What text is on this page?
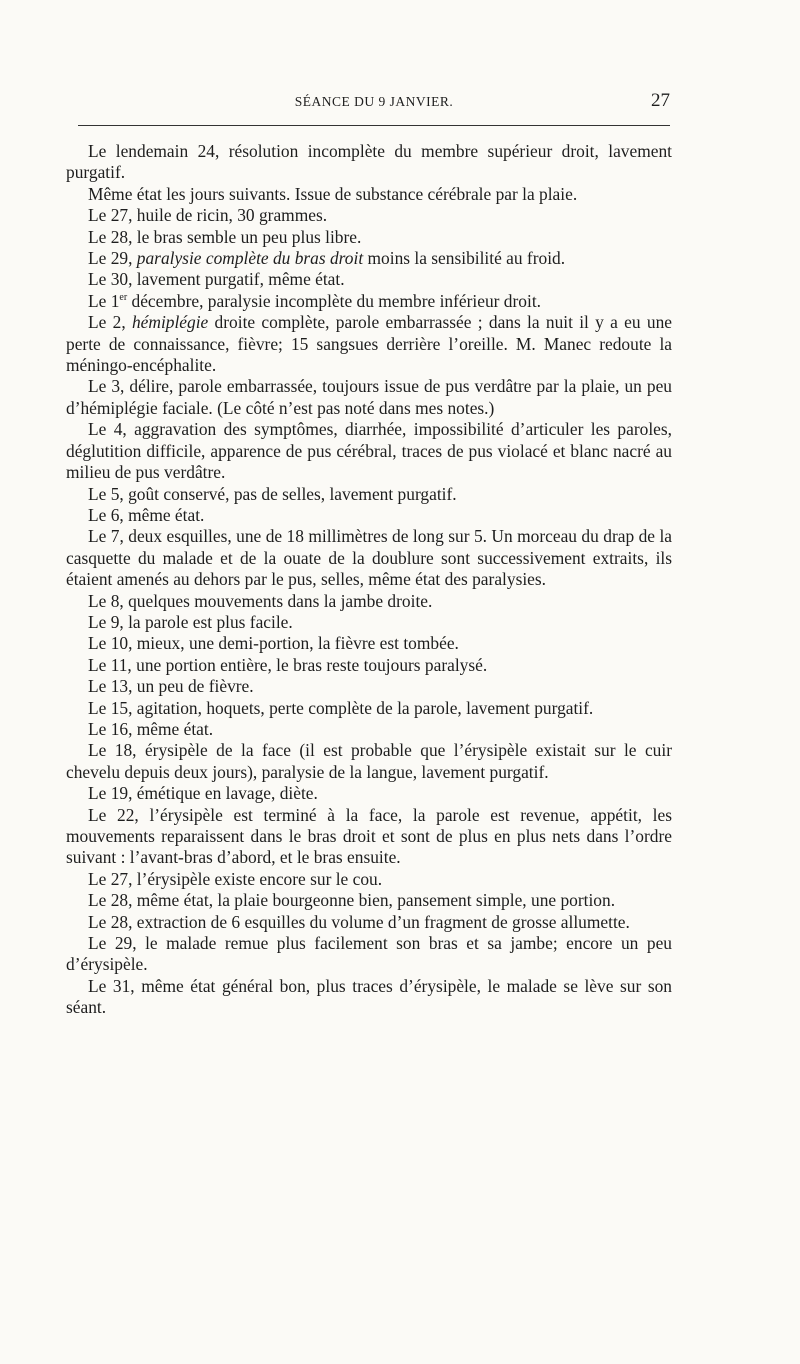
SÉANCE DU 9 JANVIER.	27

Le lendemain 24, résolution incomplète du membre supérieur droit, lavement purgatif.

Même état les jours suivants. Issue de substance cérébrale par la plaie.

Le 27, huile de ricin, 30 grammes.

Le 28, le bras semble un peu plus libre.

Le 29, paralysie complète du bras droit moins la sensibilité au froid.

Le 30, lavement purgatif, même état.

Le 1er décembre, paralysie incomplète du membre inférieur droit.

Le 2, hémiplégie droite complète, parole embarrassée ; dans la nuit il y a eu une perte de connaissance, fièvre; 15 sangsues derrière l’oreille. M. Manec redoute la méningo-encéphalite.

Le 3, délire, parole embarrassée, toujours issue de pus verdâtre par la plaie, un peu d’hémiplégie faciale. (Le côté n’est pas noté dans mes notes.)

Le 4, aggravation des symptômes, diarrhée, impossibilité d’articuler les paroles, déglutition difficile, apparence de pus cérébral, traces de pus violacé et blanc nacré au milieu de pus verdâtre.

Le 5, goût conservé, pas de selles, lavement purgatif.

Le 6, même état.

Le 7, deux esquilles, une de 18 millimètres de long sur 5. Un morceau du drap de la casquette du malade et de la ouate de la doublure sont successivement extraits, ils étaient amenés au dehors par le pus, selles, même état des paralysies.

Le 8, quelques mouvements dans la jambe droite.

Le 9, la parole est plus facile.

Le 10, mieux, une demi-portion, la fièvre est tombée.

Le 11, une portion entière, le bras reste toujours paralysé.

Le 13, un peu de fièvre.

Le 15, agitation, hoquets, perte complète de la parole, lavement purgatif.

Le 16, même état.

Le 18, érysipèle de la face (il est probable que l’érysipèle existait sur le cuir chevelu depuis deux jours), paralysie de la langue, lavement purgatif.

Le 19, émétique en lavage, diète.

Le 22, l’érysipèle est terminé à la face, la parole est revenue, appétit, les mouvements reparaissent dans le bras droit et sont de plus en plus nets dans l’ordre suivant : l’avant-bras d’abord, et le bras ensuite.

Le 27, l’érysipèle existe encore sur le cou.

Le 28, même état, la plaie bourgeonne bien, pansement simple, une portion.

Le 28, extraction de 6 esquilles du volume d’un fragment de grosse allumette.

Le 29, le malade remue plus facilement son bras et sa jambe; encore un peu d’érysipèle.

Le 31, même état général bon, plus traces d’érysipèle, le malade se lève sur son séant.
